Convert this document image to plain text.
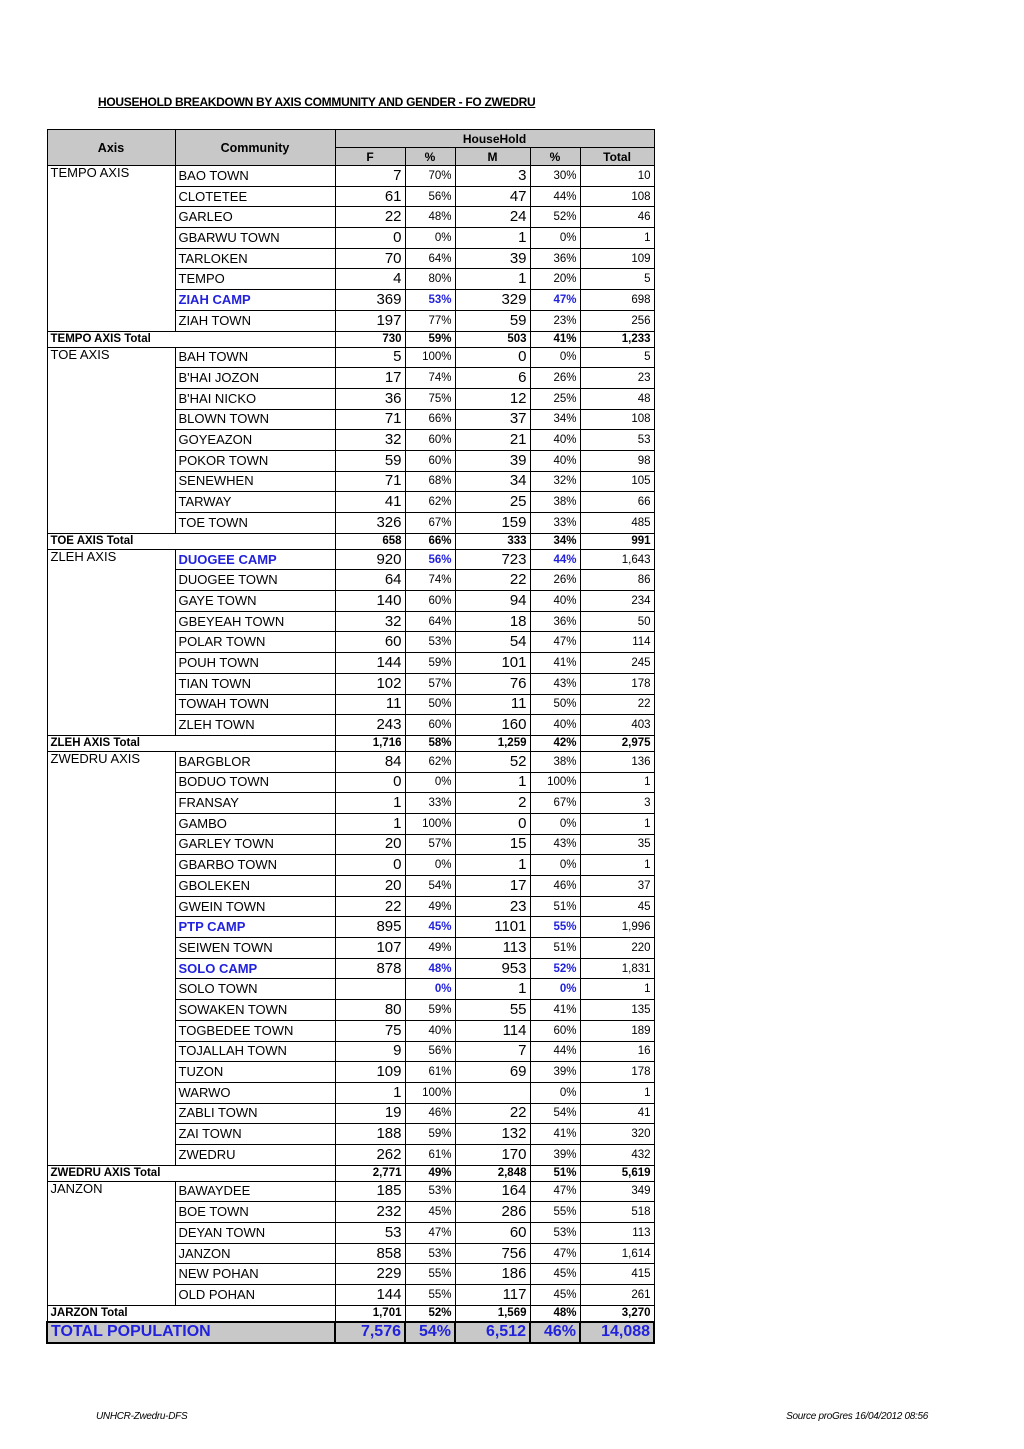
HOUSEHOLD BREAKDOWN BY AXIS COMMUNITY AND GENDER - FO ZWEDRU
Axis	Community	HouseHold				
		F	%	M	%	Total
TEMPO AXIS	BAO TOWN	7	70%	3	30%	10
	CLOTETEE	61	56%	47	44%	108
	GARLEO	22	48%	24	52%	46
	GBARWU TOWN	0	0%	1	0%	1
	TARLOKEN	70	64%	39	36%	109
	TEMPO	4	80%	1	20%	5
	ZIAH CAMP	369	53%	329	47%	698
	ZIAH TOWN	197	77%	59	23%	256
TEMPO AXIS Total		730	59%	503	41%	1,233
TOE AXIS	BAH TOWN	5	100%	0	0%	5
	B'HAI JOZON	17	74%	6	26%	23
	B'HAI NICKO	36	75%	12	25%	48
	BLOWN TOWN	71	66%	37	34%	108
	GOYEAZON	32	60%	21	40%	53
	POKOR TOWN	59	60%	39	40%	98
	SENEWHEN	71	68%	34	32%	105
	TARWAY	41	62%	25	38%	66
	TOE TOWN	326	67%	159	33%	485
TOE AXIS Total		658	66%	333	34%	991
ZLEH AXIS	DUOGEE CAMP	920	56%	723	44%	1,643
	DUOGEE TOWN	64	74%	22	26%	86
	GAYE TOWN	140	60%	94	40%	234
	GBEYEAH TOWN	32	64%	18	36%	50
	POLAR TOWN	60	53%	54	47%	114
	POUH TOWN	144	59%	101	41%	245
	TIAN TOWN	102	57%	76	43%	178
	TOWAH TOWN	11	50%	11	50%	22
	ZLEH TOWN	243	60%	160	40%	403
ZLEH AXIS Total		1,716	58%	1,259	42%	2,975
ZWEDRU AXIS	BARGBLOR	84	62%	52	38%	136
	BODUO TOWN	0	0%	1	100%	1
	FRANSAY	1	33%	2	67%	3
	GAMBO	1	100%	0	0%	1
	GARLEY TOWN	20	57%	15	43%	35
	GBARBO TOWN	0	0%	1	0%	1
	GBOLEKEN	20	54%	17	46%	37
	GWEIN TOWN	22	49%	23	51%	45
	PTP CAMP	895	45%	1101	55%	1,996
	SEIWEN TOWN	107	49%	113	51%	220
	SOLO CAMP	878	48%	953	52%	1,831
	SOLO TOWN		0%	1	0%	1
	SOWAKEN TOWN	80	59%	55	41%	135
	TOGBEDEE TOWN	75	40%	114	60%	189
	TOJALLAH TOWN	9	56%	7	44%	16
	TUZON	109	61%	69	39%	178
	WARWO	1	100%		0%	1
	ZABLI TOWN	19	46%	22	54%	41
	ZAI TOWN	188	59%	132	41%	320
	ZWEDRU	262	61%	170	39%	432
ZWEDRU AXIS Total		2,771	49%	2,848	51%	5,619
JANZON	BAWAYDEE	185	53%	164	47%	349
	BOE TOWN	232	45%	286	55%	518
	DEYAN TOWN	53	47%	60	53%	113
	JANZON	858	53%	756	47%	1,614
	NEW POHAN	229	55%	186	45%	415
	OLD POHAN	144	55%	117	45%	261
JARZON Total		1,701	52%	1,569	48%	3,270
TOTAL POPULATION		7,576	54%	6,512	46%	14,088
UNHCR-Zwedru-DFS	Source proGres 16/04/2012 08:56
